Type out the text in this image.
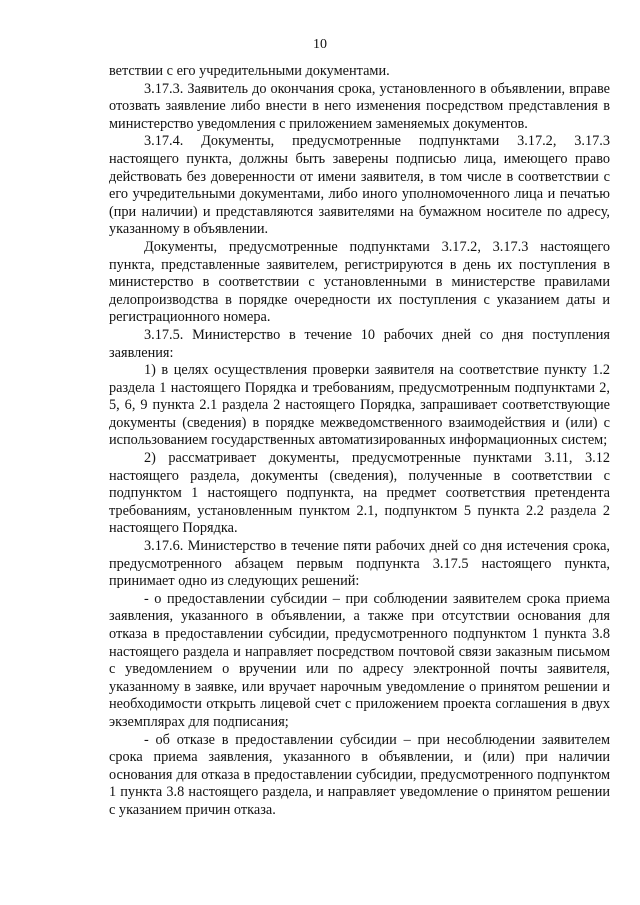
10

ветствии с его учредительными документами.

3.17.3. Заявитель до окончания срока, установленного в объявлении, вправе отозвать заявление либо внести в него изменения посредством представления в министерство уведомления с приложением заменяемых документов.

3.17.4. Документы, предусмотренные подпунктами 3.17.2, 3.17.3 настоящего пункта, должны быть заверены подписью лица, имеющего право действовать без доверенности от имени заявителя, в том числе в соответствии с его учредительными документами, либо иного уполномоченного лица и печатью (при наличии) и представляются заявителями на бумажном носителе по адресу, указанному в объявлении.

Документы, предусмотренные подпунктами 3.17.2, 3.17.3 настоящего пункта, представленные заявителем, регистрируются в день их поступления в министерство в соответствии с установленными в министерстве правилами делопроизводства в порядке очередности их поступления с указанием даты и регистрационного номера.

3.17.5. Министерство в течение 10 рабочих дней со дня поступления заявления:

1) в целях осуществления проверки заявителя на соответствие пункту 1.2 раздела 1 настоящего Порядка и требованиям, предусмотренным подпунктами 2, 5, 6, 9 пункта 2.1 раздела 2 настоящего Порядка, запрашивает соответствующие документы (сведения) в порядке межведомственного взаимодействия и (или) с использованием государственных автоматизированных информационных систем;

2) рассматривает документы, предусмотренные пунктами 3.11, 3.12 настоящего раздела, документы (сведения), полученные в соответствии с подпунктом 1 настоящего подпункта, на предмет соответствия претендента требованиям, установленным пунктом 2.1, подпунктом 5 пункта 2.2 раздела 2 настоящего Порядка.

3.17.6. Министерство в течение пяти рабочих дней со дня истечения срока, предусмотренного абзацем первым подпункта 3.17.5 настоящего пункта, принимает одно из следующих решений:

- о предоставлении субсидии – при соблюдении заявителем срока приема заявления, указанного в объявлении, а также при отсутствии основания для отказа в предоставлении субсидии, предусмотренного подпунктом 1 пункта 3.8 настоящего раздела и направляет посредством почтовой связи заказным письмом с уведомлением о вручении или по адресу электронной почты заявителя, указанному в заявке, или вручает нарочным уведомление о принятом решении и необходимости открыть лицевой счет с приложением проекта соглашения в двух экземплярах для подписания;

- об отказе в предоставлении субсидии – при несоблюдении заявителем срока приема заявления, указанного в объявлении, и (или) при наличии основания для отказа в предоставлении субсидии, предусмотренного подпунктом 1 пункта 3.8 настоящего раздела, и направляет уведомление о принятом решении с указанием причин отказа.
